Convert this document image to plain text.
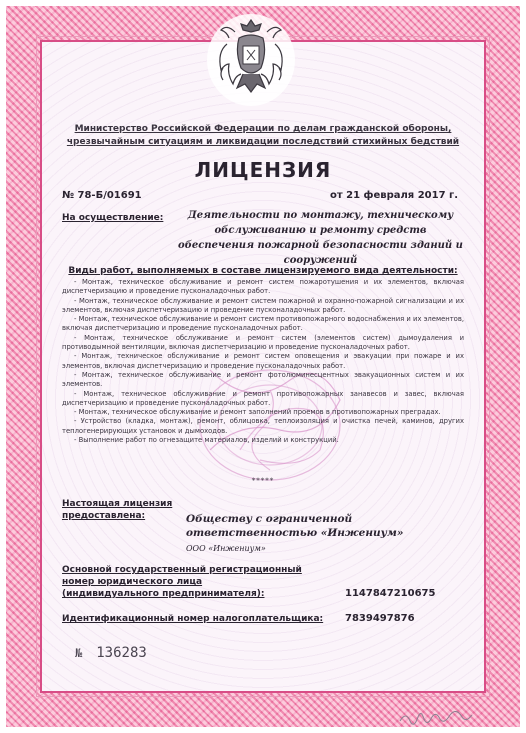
Министерство Российской Федерации по делам гражданской обороны,
чрезвычайным ситуациям и ликвидации последствий стихийных бедствий
ЛИЦЕНЗИЯ
№ 78-Б/01691	от 21 февраля 2017 г.
На осуществление:	Деятельности по монтажу, техническому обслуживанию и ремонту средств обеспечения пожарной безопасности зданий и сооружений
Виды работ, выполняемых в составе лицензируемого вида деятельности:
- Монтаж, техническое обслуживание и ремонт систем пожаротушения и их элементов, включая диспетчеризацию и проведение пусконаладочных работ.
- Монтаж, техническое обслуживание и ремонт систем пожарной и охранно-пожарной сигнализации и их элементов, включая диспетчеризацию и проведение пусконаладочных работ.
- Монтаж, техническое обслуживание и ремонт систем противопожарного водоснабжения и их элементов, включая диспетчеризацию и проведение пусконаладочных работ.
- Монтаж, техническое обслуживание и ремонт систем (элементов систем) дымоудаления и противодымной вентиляции, включая диспетчеризацию и проведение пусконаладочных работ.
- Монтаж, техническое обслуживание и ремонт систем оповещения и эвакуации при пожаре и их элементов, включая диспетчеризацию и проведение пусконаладочных работ.
- Монтаж, техническое обслуживание и ремонт фотолюминесцентных эвакуационных систем и их элементов.
- Монтаж, техническое обслуживание и ремонт противопожарных занавесов и завес, включая диспетчеризацию и проведение пусконаладочных работ.
- Монтаж, техническое обслуживание и ремонт заполнений проемов в противопожарных преградах.
- Устройство (кладка, монтаж), ремонт, облицовка, теплоизоляция и очистка печей, каминов, других теплогенерирующих установок и дымоходов.
- Выполнение работ по огнезащите материалов, изделий и конструкций.
*****
Настоящая лицензия
предоставлена:	Обществу с ограниченной ответственностью «Инжениум»
ООО «Инжениум»
Основной государственный регистрационный
номер юридического лица
(индивидуального предпринимателя):	1147847210675
Идентификационный номер налогоплательщика: 7839497876
№ 136283
